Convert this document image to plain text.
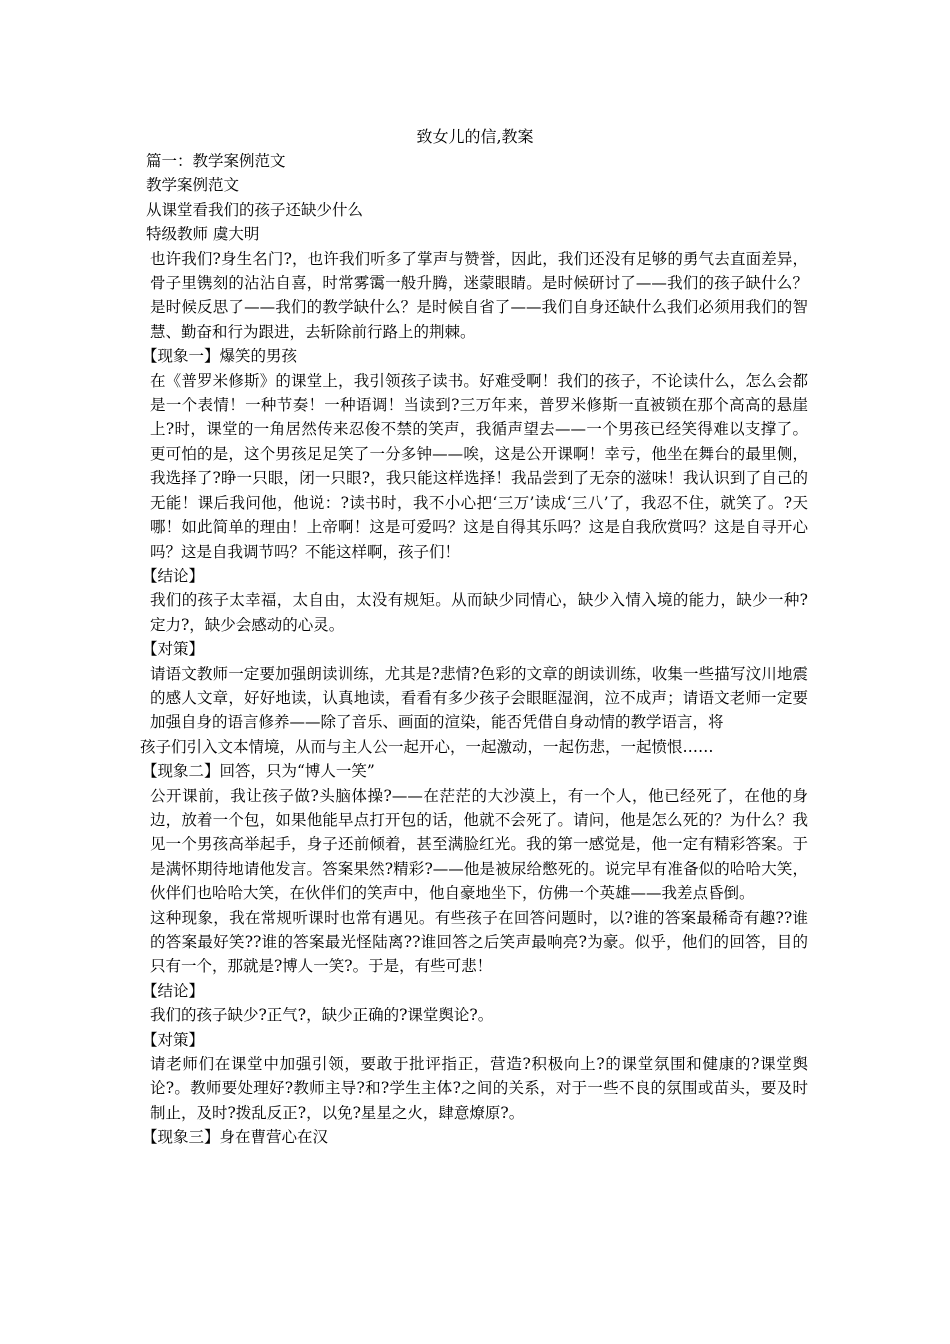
致女儿的信,教案

篇一：教学案例范文

教学案例范文

从课堂看我们的孩子还缺少什么

特级教师 虞大明

也许我们?身生名门?，也许我们听多了掌声与赞誉，因此，我们还没有足够的勇气去直面差异，骨子里镌刻的沾沾自喜，时常雾霭一般升腾，迷蒙眼睛。是时候研讨了——我们的孩子缺什么？是时候反思了——我们的教学缺什么？是时候自省了——我们自身还缺什么我们必须用我们的智慧、勤奋和行为跟进，去斩除前行路上的荆棘。

【现象一】爆笑的男孩

在《普罗米修斯》的课堂上，我引领孩子读书。好难受啊！我们的孩子，不论读什么，怎么会都是一个表情！一种节奏！一种语调！当读到?三万年来，普罗米修斯一直被锁在那个高高的悬崖上?时，课堂的一角居然传来忍俊不禁的笑声，我循声望去——一个男孩已经笑得难以支撑了。更可怕的是，这个男孩足足笑了一分多钟——唉，这是公开课啊！幸亏，他坐在舞台的最里侧，我选择了?睁一只眼，闭一只眼?，我只能这样选择！我品尝到了无奈的滋味！我认识到了自己的无能！课后我问他，他说：?读书时，我不小心把‘三万’读成‘三八’了，我忍不住，就笑了。?天哪！如此简单的理由！上帝啊！这是可爱吗？这是自得其乐吗？这是自我欣赏吗？这是自寻开心吗？这是自我调节吗？不能这样啊，孩子们！

【结论】

我们的孩子太幸福，太自由，太没有规矩。从而缺少同情心，缺少入情入境的能力，缺少一种?定力?，缺少会感动的心灵。

【对策】

请语文教师一定要加强朗读训练，尤其是?悲情?色彩的文章的朗读训练，收集一些描写汶川地震的感人文章，好好地读，认真地读，看看有多少孩子会眼眶湿润，泣不成声；请语文老师一定要加强自身的语言修养——除了音乐、画面的渲染，能否凭借自身动情的教学语言，将

孩子们引入文本情境，从而与主人公一起开心，一起激动，一起伤悲，一起愤恨……

【现象二】回答，只为“博人一笑”

公开课前，我让孩子做?头脑体操?——在茫茫的大沙漠上，有一个人，他已经死了，在他的身边，放着一个包，如果他能早点打开包的话，他就不会死了。请问，他是怎么死的？为什么？我见一个男孩高举起手，身子还前倾着，甚至满脸红光。我的第一感觉是，他一定有精彩答案。于是满怀期待地请他发言。答案果然?精彩?——他是被尿给憋死的。说完早有准备似的哈哈大笑，伙伴们也哈哈大笑，在伙伴们的笑声中，他自豪地坐下，仿佛一个英雄——我差点昏倒。

这种现象，我在常规听课时也常有遇见。有些孩子在回答问题时，以?谁的答案最稀奇有趣??谁的答案最好笑??谁的答案最光怪陆离??谁回答之后笑声最响亮?为豪。似乎，他们的回答，目的只有一个，那就是?博人一笑?。于是，有些可悲！

【结论】

我们的孩子缺少?正气?，缺少正确的?课堂舆论?。

【对策】

请老师们在课堂中加强引领，要敢于批评指正，营造?积极向上?的课堂氛围和健康的?课堂舆论?。教师要处理好?教师主导?和?学生主体?之间的关系，对于一些不良的氛围或苗头，要及时制止，及时?拨乱反正?，以免?星星之火，肆意燎原?。

【现象三】身在曹营心在汉
